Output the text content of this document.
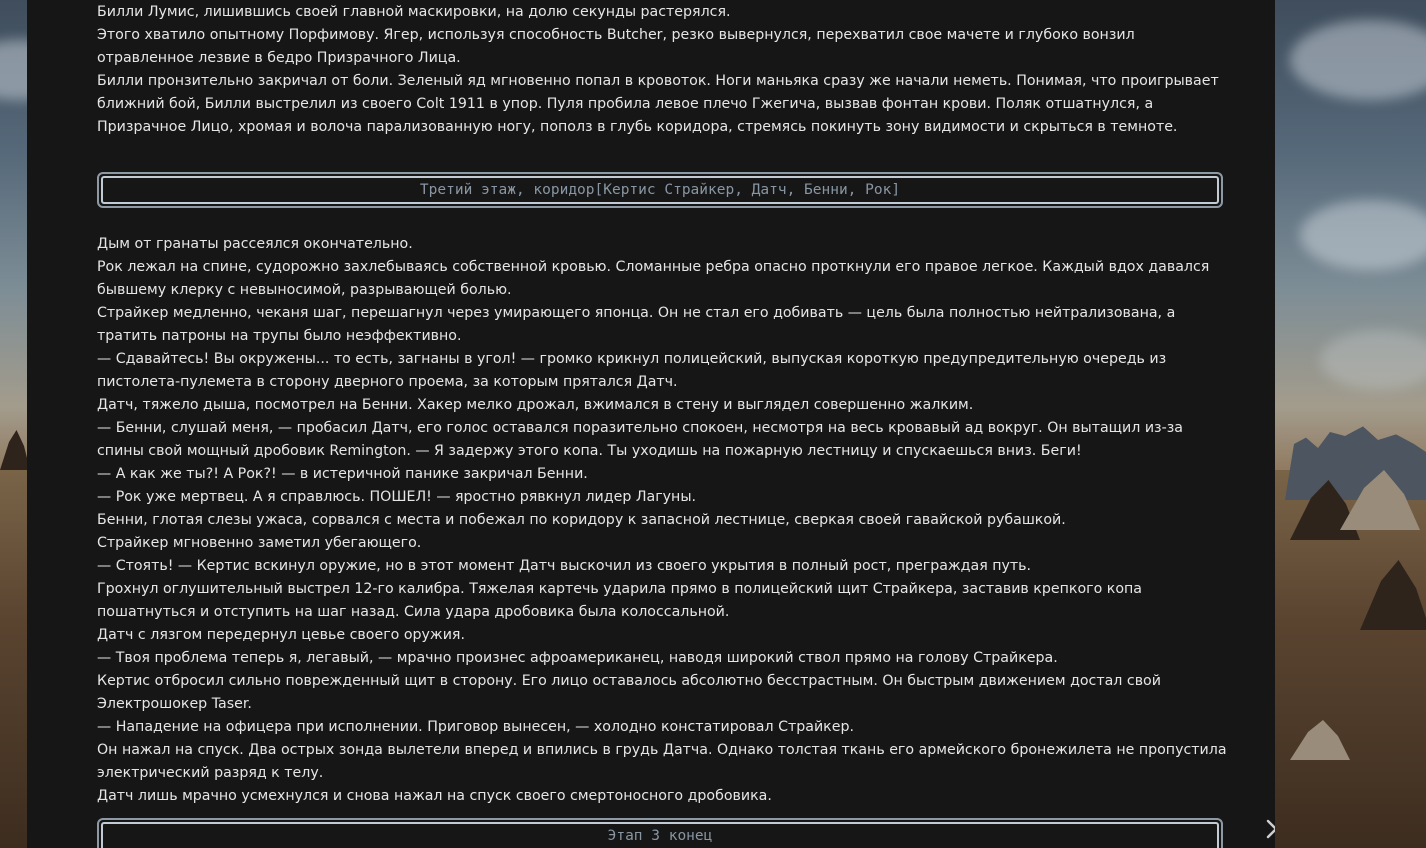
Билли Лумис, лишившись своей главной маскировки, на долю секунды растерялся.

Этого хватило опытному Порфимову. Ягер, используя способность Butcher, резко вывернулся, перехватил свое мачете и глубоко вонзил отравленное лезвие в бедро Призрачного Лица.

Билли пронзительно закричал от боли. Зеленый яд мгновенно попал в кровоток. Ноги маньяка сразу же начали неметь. Понимая, что проигрывает ближний бой, Билли выстрелил из своего Colt 1911 в упор. Пуля пробила левое плечо Гжегича, вызвав фонтан крови. Поляк отшатнулся, а Призрачное Лицо, хромая и волоча парализованную ногу, пополз в глубь коридора, стремясь покинуть зону видимости и скрыться в темноте.

Дым от гранаты рассеялся окончательно.

Рок лежал на спине, судорожно захлебываясь собственной кровью. Сломанные ребра опасно проткнули его правое легкое. Каждый вдох давался бывшему клерку с невыносимой, разрывающей болью.

Страйкер медленно, чеканя шаг, перешагнул через умирающего японца. Он не стал его добивать — цель была полностью нейтрализована, а тратить патроны на трупы было неэффективно.

— Сдавайтесь! Вы окружены... то есть, загнаны в угол! — громко крикнул полицейский, выпуская короткую предупредительную очередь из пистолета-пулемета в сторону дверного проема, за которым прятался Датч.

Датч, тяжело дыша, посмотрел на Бенни. Хакер мелко дрожал, вжимался в стену и выглядел совершенно жалким.

— Бенни, слушай меня, — пробасил Датч, его голос оставался поразительно спокоен, несмотря на весь кровавый ад вокруг. Он вытащил из-за спины свой мощный дробовик Remington. — Я задержу этого копа. Ты уходишь на пожарную лестницу и спускаешься вниз. Беги!

— А как же ты?! А Рок?! — в истеричной панике закричал Бенни.

— Рок уже мертвец. А я справлюсь. ПОШЕЛ! — яростно рявкнул лидер Лагуны.

Бенни, глотая слезы ужаса, сорвался с места и побежал по коридору к запасной лестнице, сверкая своей гавайской рубашкой.

Страйкер мгновенно заметил убегающего.

— Стоять! — Кертис вскинул оружие, но в этот момент Датч выскочил из своего укрытия в полный рост, преграждая путь.

Грохнул оглушительный выстрел 12-го калибра. Тяжелая картечь ударила прямо в полицейский щит Страйкера, заставив крепкого копа пошатнуться и отступить на шаг назад. Сила удара дробовика была колоссальной.

Датч с лязгом передернул цевье своего оружия.

— Твоя проблема теперь я, легавый, — мрачно произнес афроамериканец, наводя широкий ствол прямо на голову Страйкера.

Кертис отбросил сильно поврежденный щит в сторону. Его лицо оставалось абсолютно бесстрастным. Он быстрым движением достал свой Электрошокер Taser.

— Нападение на офицера при исполнении. Приговор вынесен, — холодно констатировал Страйкер.

Он нажал на спуск. Два острых зонда вылетели вперед и впились в грудь Датча. Однако толстая ткань его армейского бронежилета не пропустила электрический разряд к телу.

Датч лишь мрачно усмехнулся и снова нажал на спуск своего смертоносного дробовика.

Третий этаж, коридор[Кертис Страйкер, Датч, Бенни, Рок]
Этап 3 конец
